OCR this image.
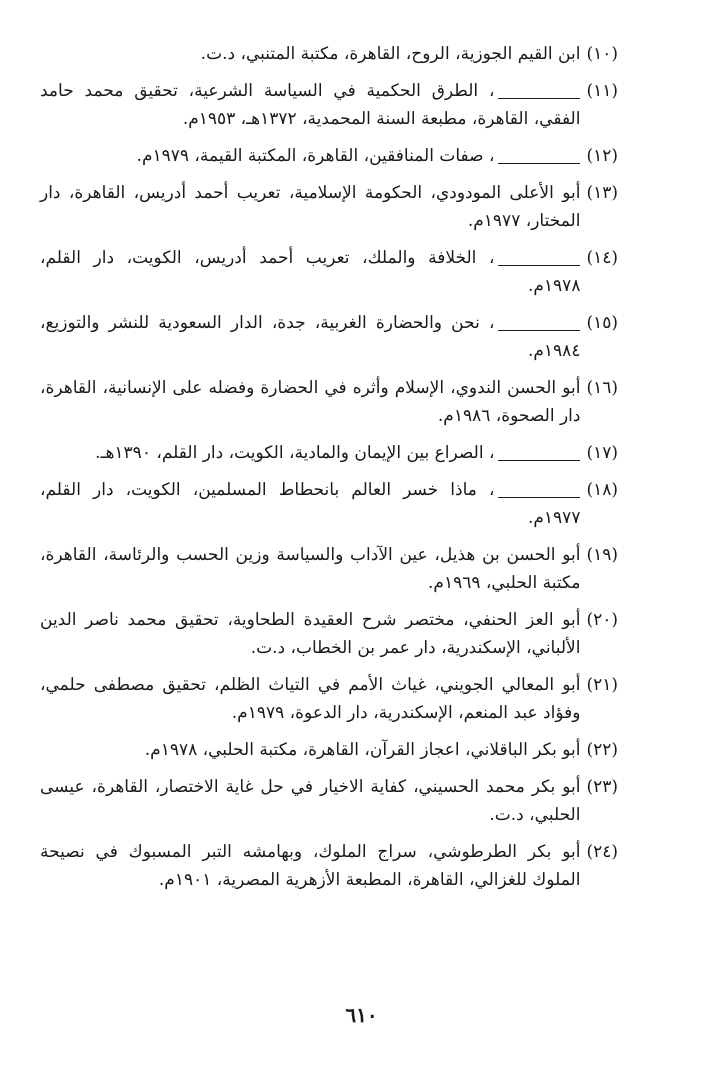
(١٠)
ابن القيم الجوزية، الروح، القاهرة، مكتبة المتنبي، د.ت.
(١١)
، الطرق الحكمية في السياسة الشرعية، تحقيق محمد حامد الفقي، القاهرة، مطبعة السنة المحمدية، ١٣٧٢هـ، ١٩٥٣م.
(١٢)
، صفات المنافقين، القاهرة، المكتبة القيمة، ١٩٧٩م.
(١٣)
أبو الأعلى المودودي، الحكومة الإسلامية، تعريب أحمد أدريس، القاهرة، دار المختار، ١٩٧٧م.
(١٤)
، الخلافة والملك، تعريب أحمد أدريس، الكويت، دار القلم، ١٩٧٨م.
(١٥)
، نحن والحضارة الغربية، جدة، الدار السعودية للنشر والتوزيع، ١٩٨٤م.
(١٦)
أبو الحسن الندوي، الإسلام وأثره في الحضارة وفضله على الإنسانية، القاهرة، دار الصحوة، ١٩٨٦م.
(١٧)
، الصراع بين الإيمان والمادية، الكويت، دار القلم، ١٣٩٠هـ.
(١٨)
، ماذا خسر العالم بانحطاط المسلمين، الكويت، دار القلم، ١٩٧٧م.
(١٩)
أبو الحسن بن هذيل، عين الآداب والسياسة وزين الحسب والرئاسة، القاهرة، مكتبة الحلبي، ١٩٦٩م.
(٢٠)
أبو العز الحنفي، مختصر شرح العقيدة الطحاوية، تحقيق محمد ناصر الدين الألباني، الإسكندرية، دار عمر بن الخطاب، د.ت.
(٢١)
أبو المعالي الجويني، غياث الأمم في التياث الظلم، تحقيق مصطفى حلمي، وفؤاد عبد المنعم، الإسكندرية، دار الدعوة، ١٩٧٩م.
(٢٢)
أبو بكر الباقلاني، اعجاز القرآن، القاهرة، مكتبة الحلبي، ١٩٧٨م.
(٢٣)
أبو بكر محمد الحسيني، كفاية الاخيار في حل غاية الاختصار، القاهرة، عيسى الحلبي، د.ت.
(٢٤)
أبو بكر الطرطوشي، سراج الملوك، وبهامشه التبر المسبوك في نصيحة الملوك للغزالي، القاهرة، المطبعة الأزهرية المصرية، ١٩٠١م.
٦١٠
